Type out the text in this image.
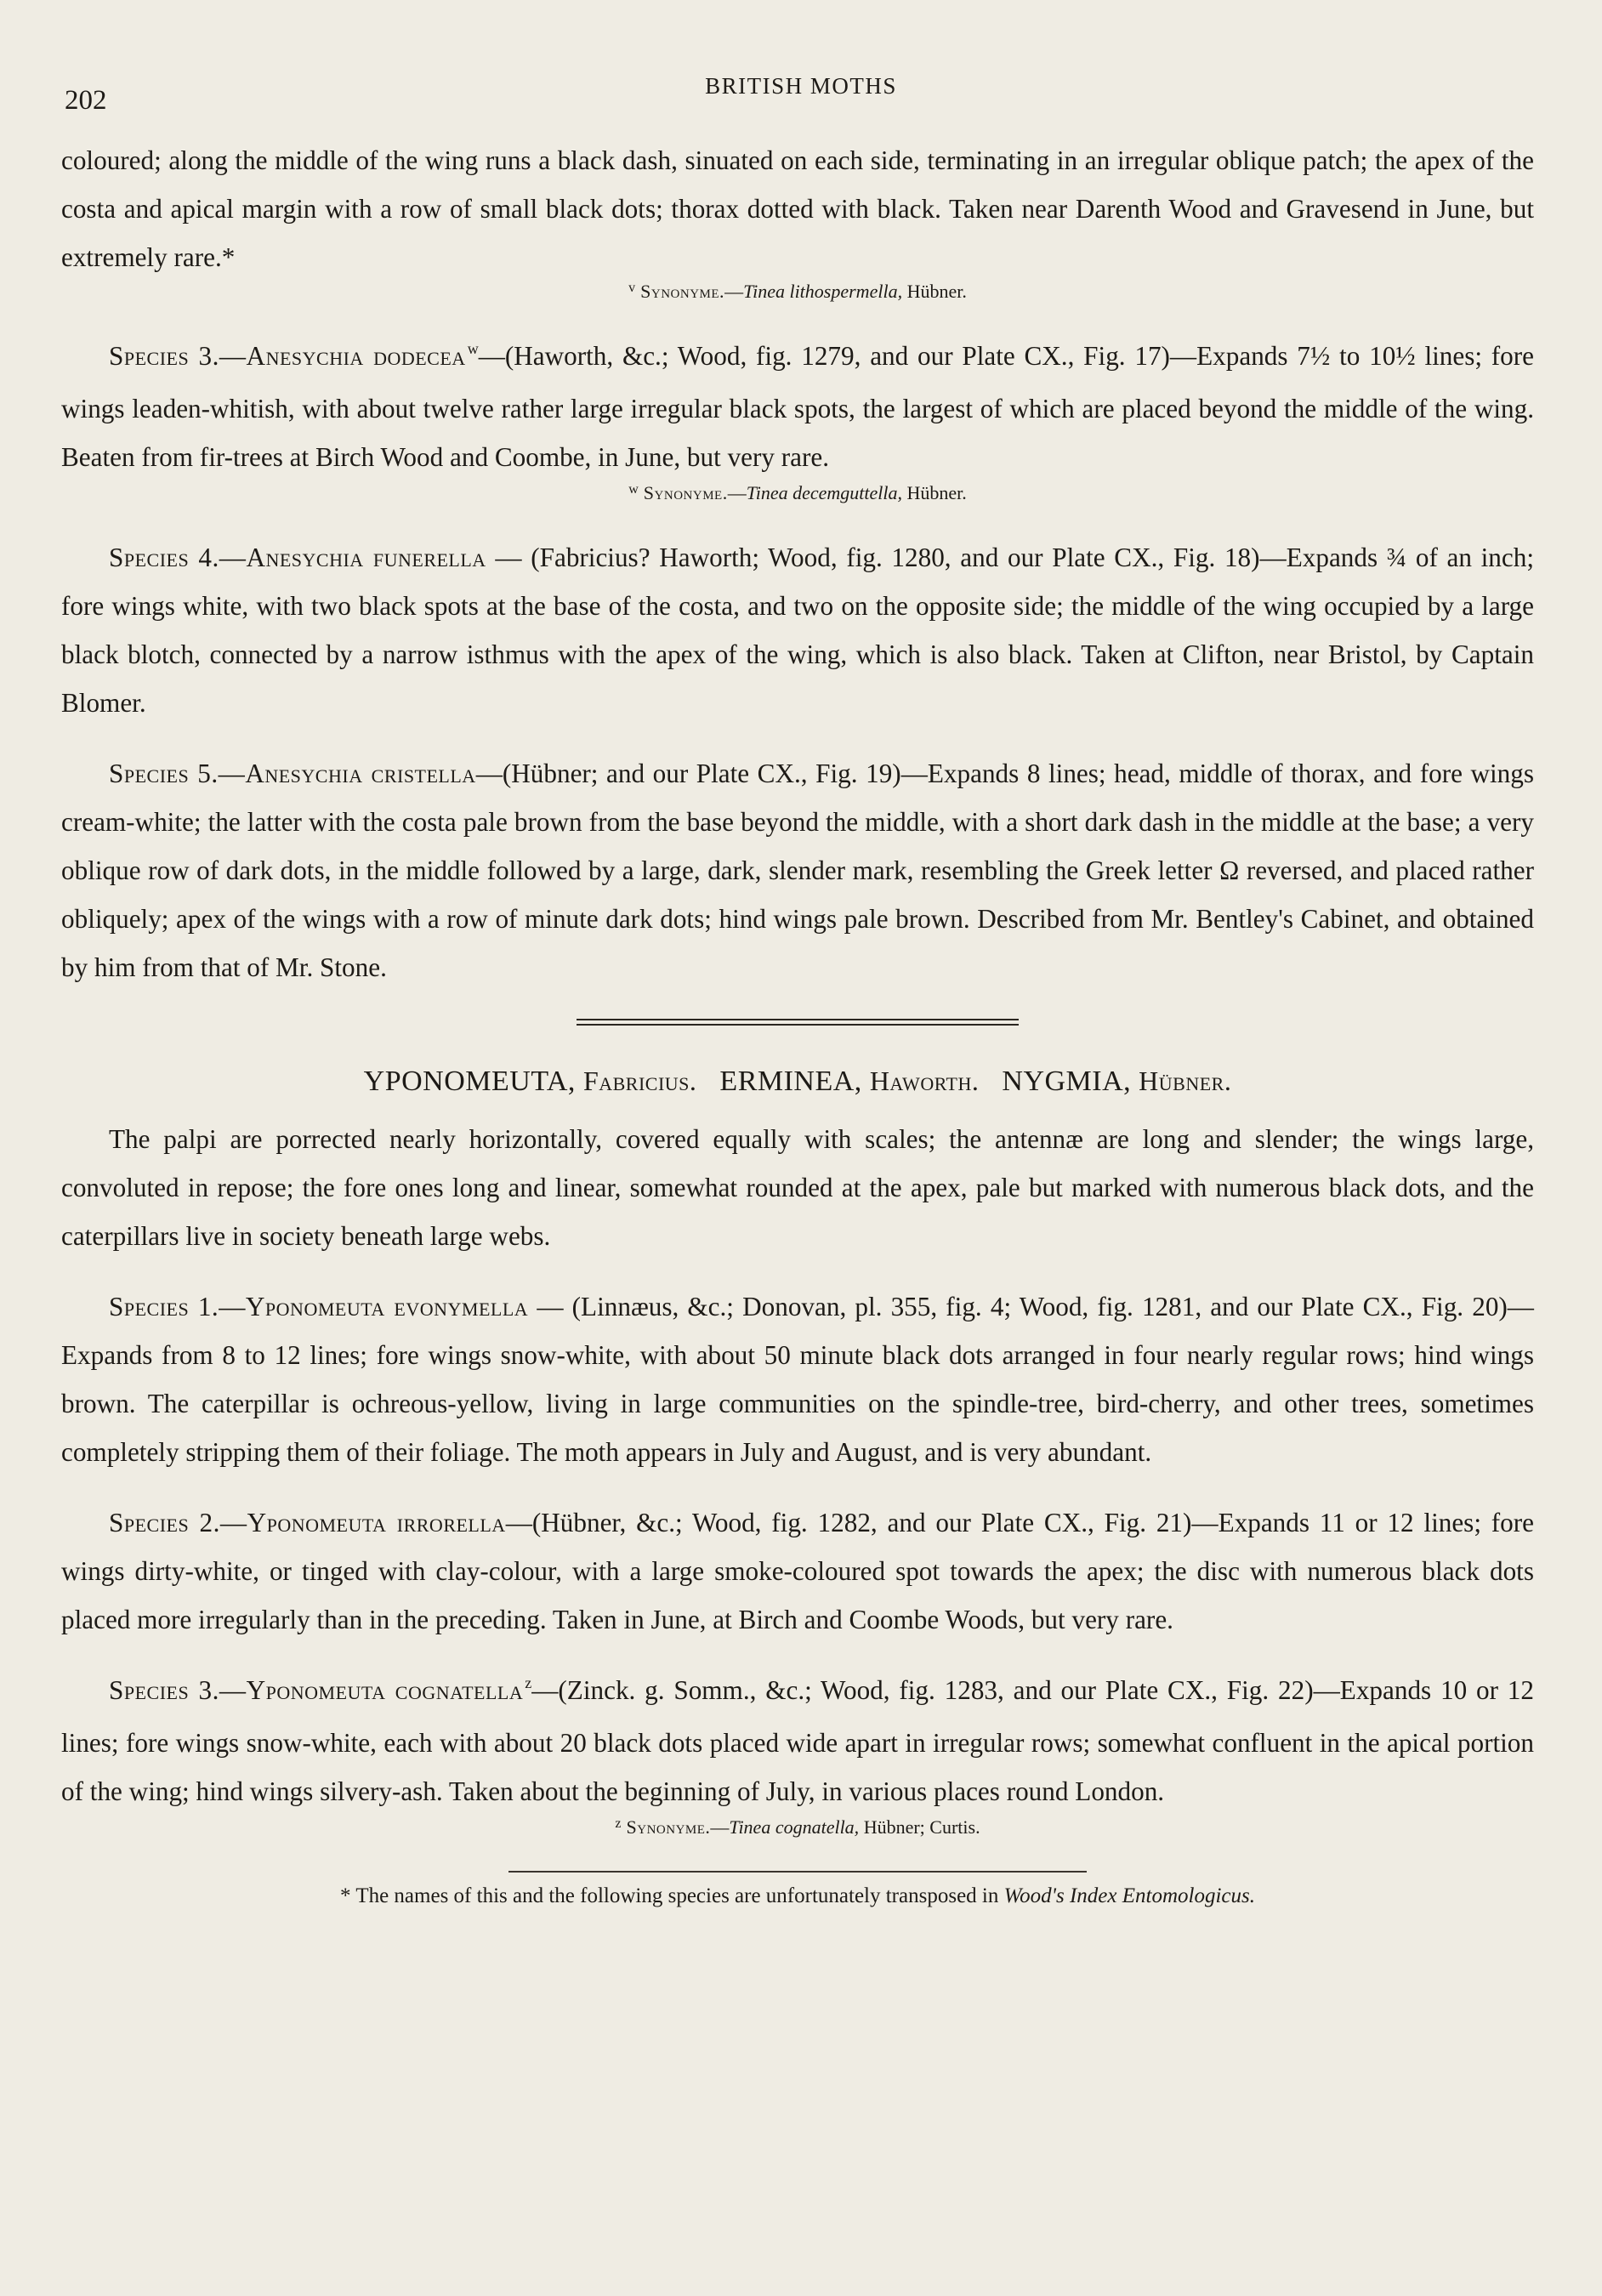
202	BRITISH MOTHS

coloured; along the middle of the wing runs a black dash, sinuated on each side, terminating in an irregular oblique patch; the apex of the costa and apical margin with a row of small black dots; thorax dotted with black. Taken near Darenth Wood and Gravesend in June, but extremely rare.*

$^v$ Synonyme.—Tinea lithospermella, Hübner.

Species 3.—Anesychia dodecea $^w$—(Haworth, &c.; Wood, fig. 1279, and our Plate CX., Fig. 17)—Expands 7½ to 10½ lines; fore wings leaden-whitish, with about twelve rather large irregular black spots, the largest of which are placed beyond the middle of the wing. Beaten from fir-trees at Birch Wood and Coombe, in June, but very rare.

$^w$ Synonyme.—Tinea decemguttella, Hübner.

Species 4.—Anesychia funerella — (Fabricius? Haworth; Wood, fig. 1280, and our Plate CX., Fig. 18)—Expands ¾ of an inch; fore wings white, with two black spots at the base of the costa, and two on the opposite side; the middle of the wing occupied by a large black blotch, connected by a narrow isthmus with the apex of the wing, which is also black. Taken at Clifton, near Bristol, by Captain Blomer.

Species 5.—Anesychia cristella—(Hübner; and our Plate CX., Fig. 19)—Expands 8 lines; head, middle of thorax, and fore wings cream-white; the latter with the costa pale brown from the base beyond the middle, with a short dark dash in the middle at the base; a very oblique row of dark dots, in the middle followed by a large, dark, slender mark, resembling the Greek letter Ω reversed, and placed rather obliquely; apex of the wings with a row of minute dark dots; hind wings pale brown. Described from Mr. Bentley's Cabinet, and obtained by him from that of Mr. Stone.

YPONOMEUTA, Fabricius. ERMINEA, Haworth. NYGMIA, Hübner.

The palpi are porrected nearly horizontally, covered equally with scales; the antennæ are long and slender; the wings large, convoluted in repose; the fore ones long and linear, somewhat rounded at the apex, pale but marked with numerous black dots, and the caterpillars live in society beneath large webs.

Species 1.—Yponomeuta evonymella — (Linnæus, &c.; Donovan, pl. 355, fig. 4; Wood, fig. 1281, and our Plate CX., Fig. 20)—Expands from 8 to 12 lines; fore wings snow-white, with about 50 minute black dots arranged in four nearly regular rows; hind wings brown. The caterpillar is ochreous-yellow, living in large communities on the spindle-tree, bird-cherry, and other trees, sometimes completely stripping them of their foliage. The moth appears in July and August, and is very abundant.

Species 2.—Yponomeuta irrorella—(Hübner, &c.; Wood, fig. 1282, and our Plate CX., Fig. 21)—Expands 11 or 12 lines; fore wings dirty-white, or tinged with clay-colour, with a large smoke-coloured spot towards the apex; the disc with numerous black dots placed more irregularly than in the preceding. Taken in June, at Birch and Coombe Woods, but very rare.

Species 3.—Yponomeuta cognatella $^z$—(Zinck. g. Somm., &c.; Wood, fig. 1283, and our Plate CX., Fig. 22)—Expands 10 or 12 lines; fore wings snow-white, each with about 20 black dots placed wide apart in irregular rows; somewhat confluent in the apical portion of the wing; hind wings silvery-ash. Taken about the beginning of July, in various places round London.

$^z$ Synonyme.—Tinea cognatella, Hübner; Curtis.

* The names of this and the following species are unfortunately transposed in Wood's Index Entomologicus.
